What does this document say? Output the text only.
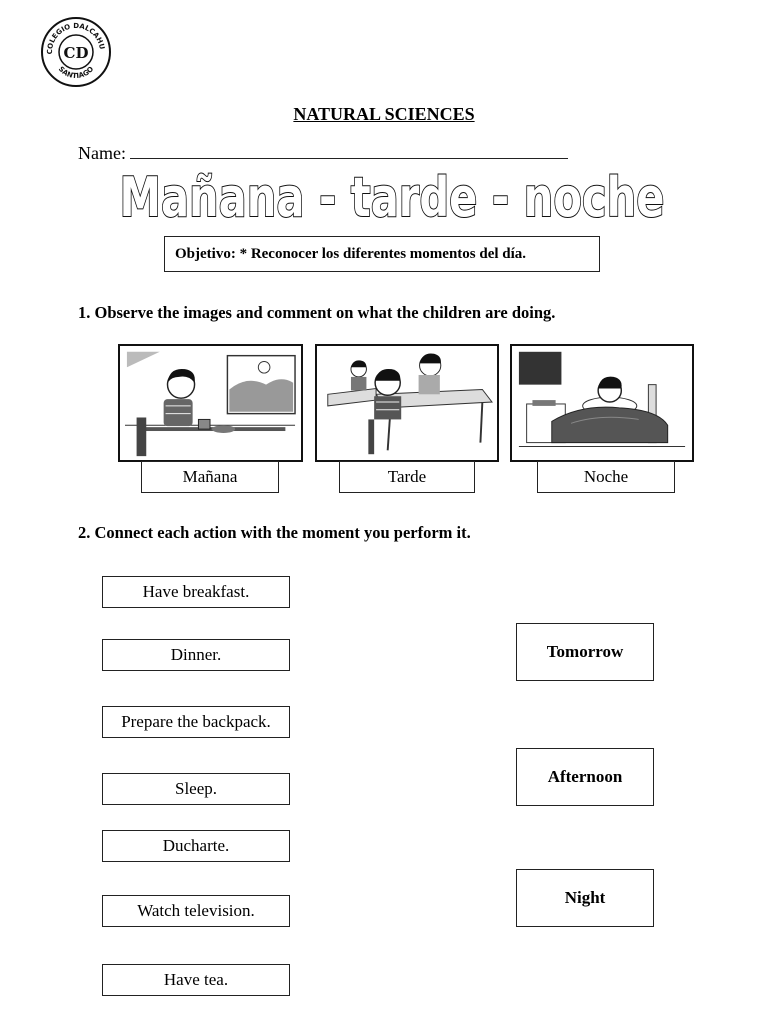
COLEGIO DALCAHU
SANTIAGO
CD
NATURAL SCIENCES
Name:
Mañana - tarde - noche
Objetivo: * Reconocer los diferentes momentos del día.
1. Observe the images and comment on what the children are doing.
Mañana	Tarde	Noche
2. Connect each action with the moment you perform it.
Have breakfast.
Dinner.
Prepare the backpack.
Sleep.
Ducharte.
Watch television.
Have tea.
Tomorrow
Afternoon
Night
